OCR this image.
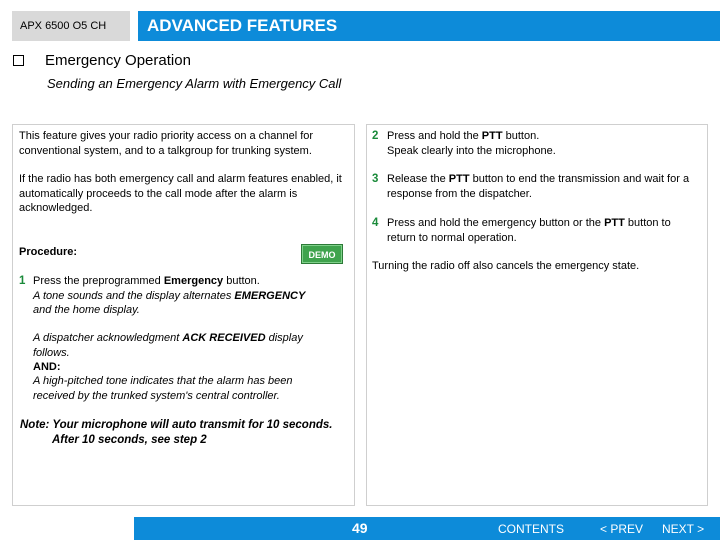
APX 6500 O5 CH	ADVANCED FEATURES
Emergency Operation
Sending an Emergency Alarm with Emergency Call
This feature gives your radio priority access on a channel for conventional system, and to a talkgroup for trunking system.
If the radio has both emergency call and alarm features enabled, it automatically proceeds to the call mode after the alarm is acknowledged.
Procedure:	DEMO
1 Press the preprogrammed Emergency button.
A tone sounds and the display alternates EMERGENCY
and the home display.
A dispatcher acknowledgment ACK RECEIVED display follows.
AND:
A high-pitched tone indicates that the alarm has been received by the trunked system's central controller.
Note: Your microphone will auto transmit for 10 seconds.
After 10 seconds, see step 2
2 Press and hold the PTT button.
Speak clearly into the microphone.
3 Release the PTT button to end the transmission and wait for a response from the dispatcher.
4 Press and hold the emergency button or the PTT button to return to normal operation.
Turning the radio off also cancels the emergency state.
49	CONTENTS	< PREV NEXT >
